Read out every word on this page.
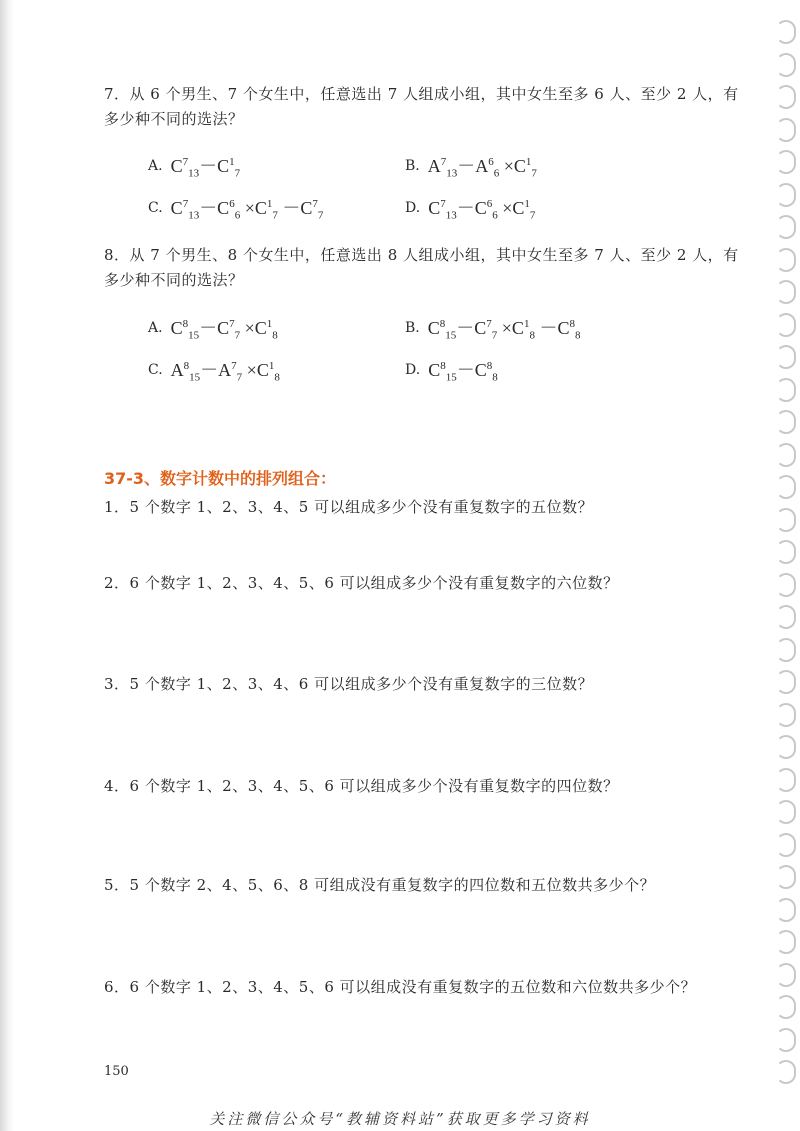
7．从 6 个男生、7 个女生中，任意选出 7 人组成小组，其中女生至多 6 人、至少 2 人，有多少种不同的选法？
A. $C^7_{13}-C^1_7$	B. $A^7_{13}-A^6_6 \times C^1_7$
C. $C^7_{13}-C^6_6 \times C^1_7 -C^7_7$	D. $C^7_{13}-C^6_6 \times C^1_7$
8．从 7 个男生、8 个女生中，任意选出 8 人组成小组，其中女生至多 7 人、至少 2 人，有多少种不同的选法？
A. $C^8_{15}-C^7_7 \times C^1_8$	B. $C^8_{15}-C^7_7 \times C^1_8 -C^8_8$
C. $A^8_{15}-A^7_7 \times C^1_8$	D. $C^8_{15}-C^8_8$
37-3、数字计数中的排列组合：
1．5 个数字 1、2、3、4、5 可以组成多少个没有重复数字的五位数？
2．6 个数字 1、2、3、4、5、6 可以组成多少个没有重复数字的六位数？
3．5 个数字 1、2、3、4、6 可以组成多少个没有重复数字的三位数？
4．6 个数字 1、2、3、4、5、6 可以组成多少个没有重复数字的四位数？
5．5 个数字 2、4、5、6、8 可组成没有重复数字的四位数和五位数共多少个？
6．6 个数字 1、2、3、4、5、6 可以组成没有重复数字的五位数和六位数共多少个？
150
关注微信公众号“教辅资料站”获取更多学习资料
